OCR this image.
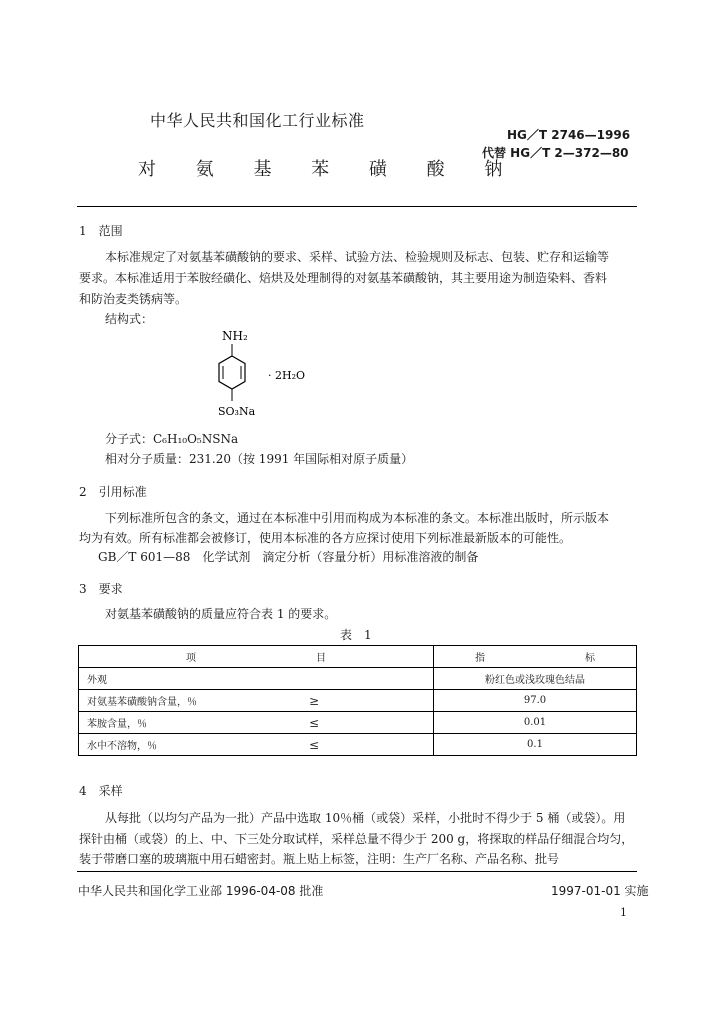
中华人民共和国化工行业标准
HG／T 2746—1996
代替 HG／T 2—372—80
对 氨 基 苯 磺 酸 钠
1　范围
本标准规定了对氨基苯磺酸钠的要求、采样、试验方法、检验规则及标志、包装、贮存和运输等
要求。本标准适用于苯胺经磺化、焙烘及处理制得的对氨基苯磺酸钠，其主要用途为制造染料、香料
和防治麦类锈病等。
结构式：
NH₂
SO₃Na
· 2H₂O
分子式：C₆H₁₀O₅NSNa
相对分子质量：231.20（按 1991 年国际相对原子质量）
2　引用标准
下列标准所包含的条文，通过在本标准中引用而构成为本标准的条文。本标准出版时，所示版本
均为有效。所有标准都会被修订，使用本标准的各方应探讨使用下列标准最新版本的可能性。
GB／T 601—88　化学试剂　滴定分析（容量分析）用标准溶液的制备
3　要求
对氨基苯磺酸钠的质量应符合表 1 的要求。
表　1
项　　　　　　　　　　　　目	指　　　　　　　　　　标

外观	粉红色或浅玫瑰色结晶

对氨基苯磺酸钠含量，％ ≥	97.0

苯胺含量，％ ≤	0.01

水中不溶物，％ ≤	0.1
4　采样
从每批（以均匀产品为一批）产品中选取 10％桶（或袋）采样，小批时不得少于 5 桶（或袋）。用
探针由桶（或袋）的上、中、下三处分取试样，采样总量不得少于 200 g，将探取的样品仔细混合均匀，
装于带磨口塞的玻璃瓶中用石蜡密封。瓶上贴上标签，注明：生产厂名称、产品名称、批号
中华人民共和国化学工业部 1996-04-08 批准	1997-01-01 实施
1
